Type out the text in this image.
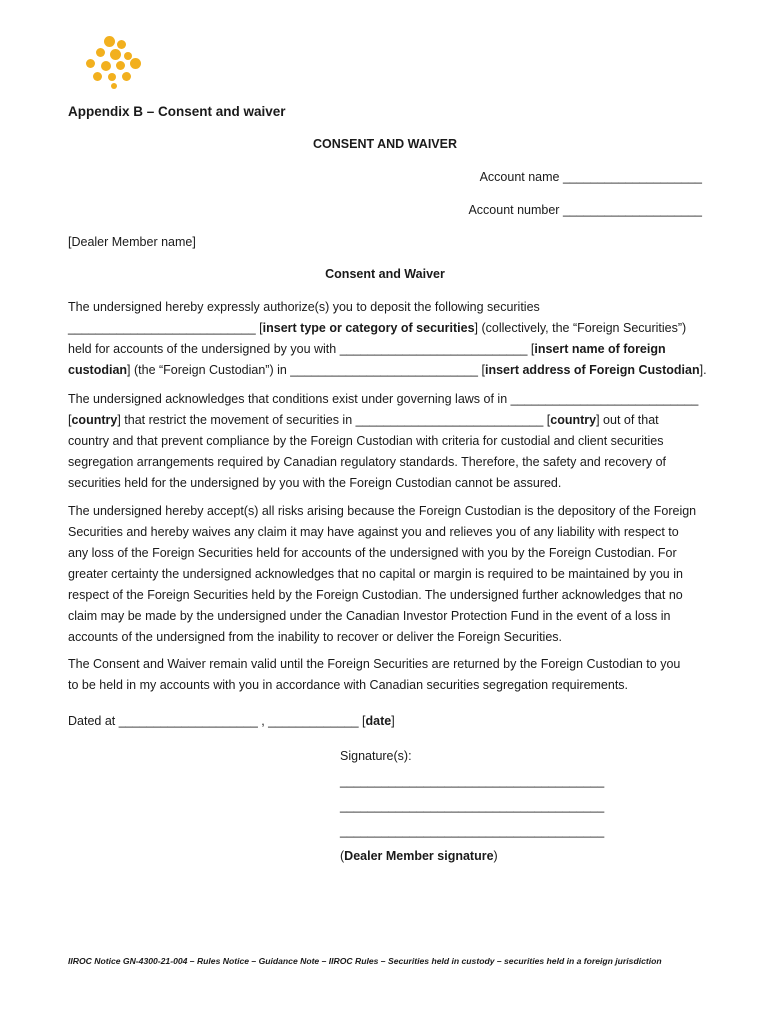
Appendix B – Consent and waiver
CONSENT AND WAIVER
Account name ____________________
Account number ____________________
[Dealer Member name]
Consent and Waiver
The undersigned hereby expressly authorize(s) you to deposit the following securities
___________________________ [insert type or category of securities] (collectively, the “Foreign Securities”)
held for accounts of the undersigned by you with ___________________________ [insert name of foreign
custodian] (the “Foreign Custodian”) in ___________________________ [insert address of Foreign Custodian].
The undersigned acknowledges that conditions exist under governing laws of in ___________________________
[country] that restrict the movement of securities in ___________________________ [country] out of that
country and that prevent compliance by the Foreign Custodian with criteria for custodial and client securities
segregation arrangements required by Canadian regulatory standards. Therefore, the safety and recovery of
securities held for the undersigned by you with the Foreign Custodian cannot be assured.
The undersigned hereby accept(s) all risks arising because the Foreign Custodian is the depository of the Foreign
Securities and hereby waives any claim it may have against you and relieves you of any liability with respect to
any loss of the Foreign Securities held for accounts of the undersigned with you by the Foreign Custodian. For
greater certainty the undersigned acknowledges that no capital or margin is required to be maintained by you in
respect of the Foreign Securities held by the Foreign Custodian. The undersigned further acknowledges that no
claim may be made by the undersigned under the Canadian Investor Protection Fund in the event of a loss in
accounts of the undersigned from the inability to recover or deliver the Foreign Securities.
The Consent and Waiver remain valid until the Foreign Securities are returned by the Foreign Custodian to you
to be held in my accounts with you in accordance with Canadian securities segregation requirements.
Dated at ____________________ , _____________ [date]
Signature(s):
______________________________________
______________________________________
______________________________________
(Dealer Member signature)
IIROC Notice GN-4300-21-004 – Rules Notice – Guidance Note – IIROC Rules – Securities held in custody – securities held in a foreign jurisdiction
